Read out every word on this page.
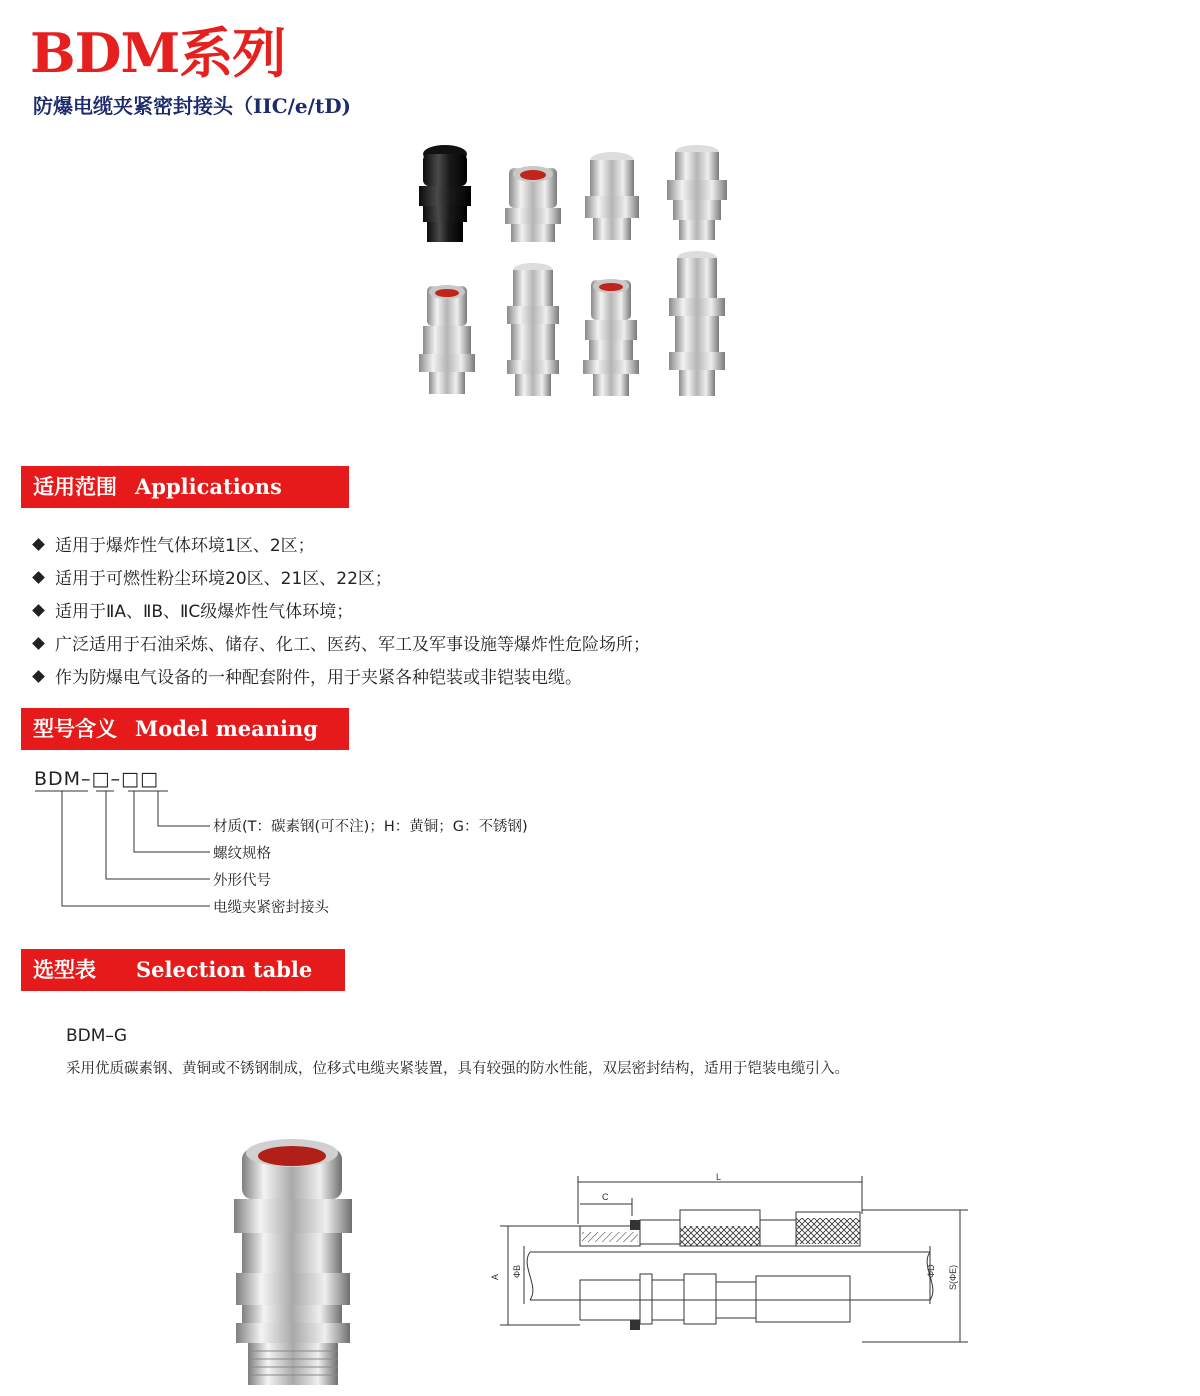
BDM系列
防爆电缆夹紧密封接头（IIC/e/tD)
适用范围 Applications
适用于爆炸性气体环境1区、2区；
适用于可燃性粉尘环境20区、21区、22区；
适用于ⅡA、ⅡB、ⅡC级爆炸性气体环境；
广泛适用于石油采炼、储存、化工、医药、军工及军事设施等爆炸性危险场所；
作为防爆电气设备的一种配套附件，用于夹紧各种铠装或非铠装电缆。
型号含义 Model meaning
BDM–□–□□
材质(T：碳素钢(可不注)；H：黄铜；G：不锈钢)
螺纹规格
外形代号
电缆夹紧密封接头
选型表 Selection table
BDM–G
采用优质碳素钢、黄铜或不锈钢制成，位移式电缆夹紧装置，具有较强的防水性能，双层密封结构，适用于铠装电缆引入。
L
C
A ΦB	ΦD S(ΦE)
